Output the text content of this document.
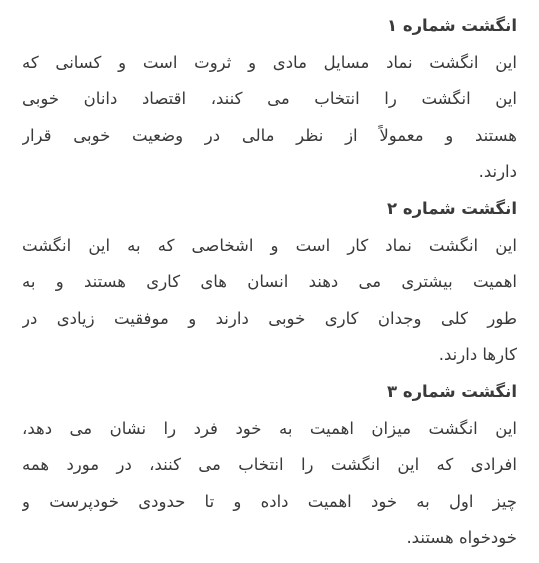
انگشت شماره ۱
این انگشت نماد مسایل مادی و ثروت است و کسانی که
این انگشت را انتخاب می کنند، اقتصاد دانان خوبی
هستند و معمولاً از نظر مالی در وضعیت خوبی قرار
دارند.
انگشت شماره ۲
این انگشت نماد کار است و اشخاصی که به این انگشت
اهمیت بیشتری می دهند انسان های کاری هستند و به
طور کلی وجدان کاری خوبی دارند و موفقیت زیادی در
کارها دارند.
انگشت شماره ۳
این انگشت میزان اهمیت به خود فرد را نشان می دهد،
افرادی که این انگشت را انتخاب می کنند، در مورد همه
چیز اول به خود اهمیت داده و تا حدودی خودپرست و
خودخواه هستند.
